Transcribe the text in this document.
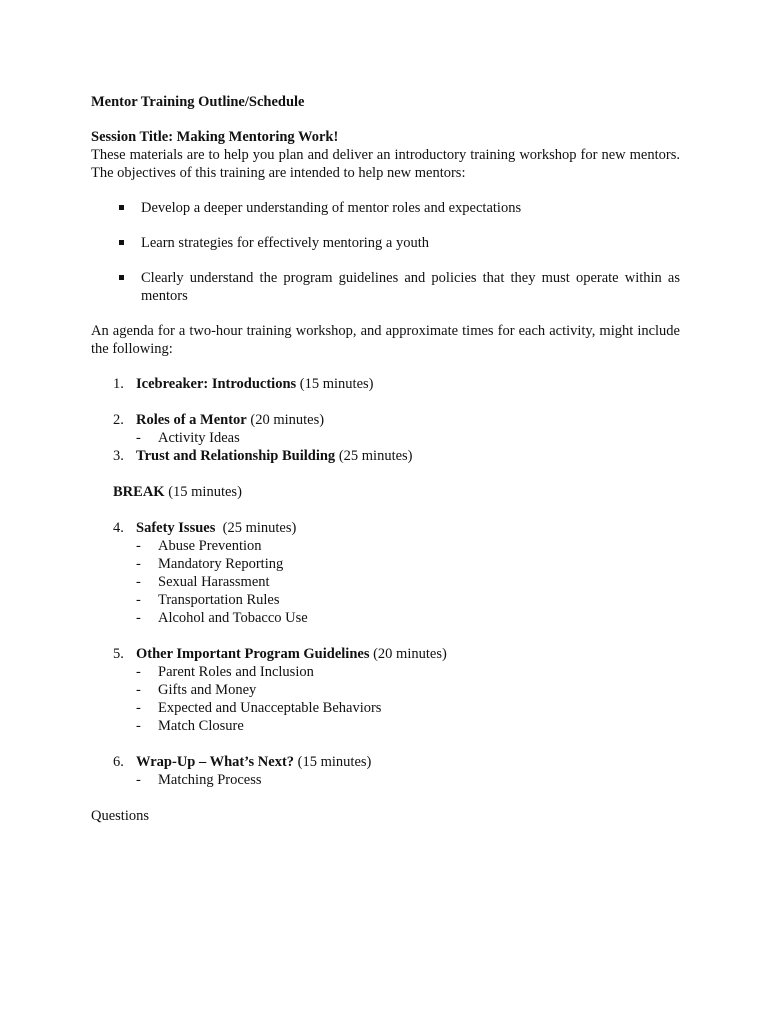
Mentor Training Outline/Schedule

Session Title: Making Mentoring Work!

These materials are to help you plan and deliver an introductory training workshop for new mentors. The objectives of this training are intended to help new mentors:

Develop a deeper understanding of mentor roles and expectations
Learn strategies for effectively mentoring a youth
Clearly understand the program guidelines and policies that they must operate within as mentors

An agenda for a two-hour training workshop, and approximate times for each activity, might include the following:

1. Icebreaker: Introductions (15 minutes)
2. Roles of a Mentor (20 minutes)
- Activity Ideas
3. Trust and Relationship Building (25 minutes)
BREAK (15 minutes)
4. Safety Issues  (25 minutes)
- Abuse Prevention
- Mandatory Reporting
- Sexual Harassment
- Transportation Rules
- Alcohol and Tobacco Use
5. Other Important Program Guidelines (20 minutes)
- Parent Roles and Inclusion
- Gifts and Money
- Expected and Unacceptable Behaviors
- Match Closure
6. Wrap-Up – What’s Next? (15 minutes)
- Matching Process

Questions
